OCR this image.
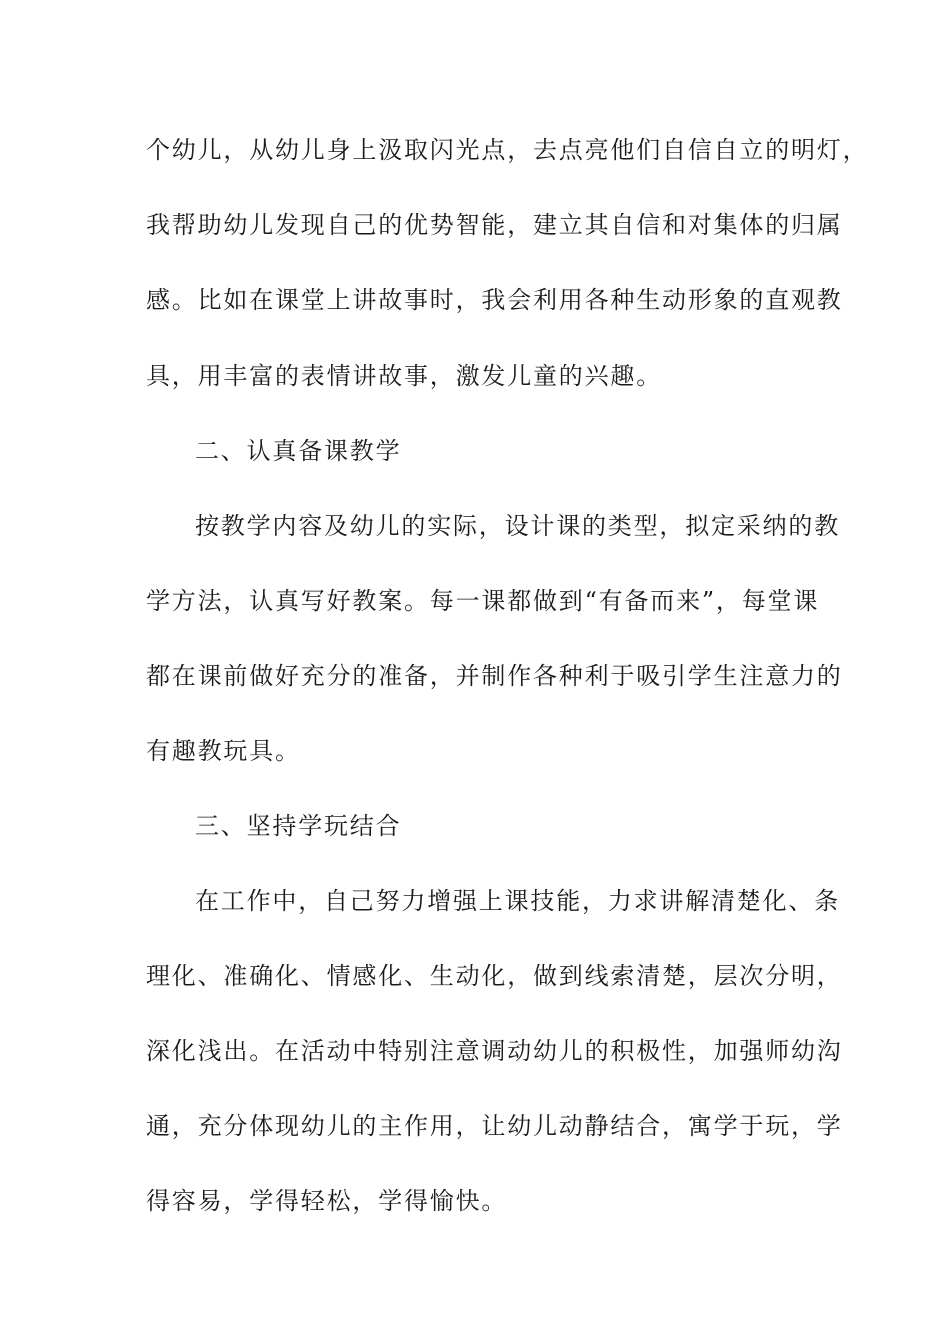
个幼儿，从幼儿身上汲取闪光点，去点亮他们自信自立的明灯，
我帮助幼儿发现自己的优势智能，建立其自信和对集体的归属
感。比如在课堂上讲故事时，我会利用各种生动形象的直观教
具，用丰富的表情讲故事，激发儿童的兴趣。
二、认真备课教学
按教学内容及幼儿的实际，设计课的类型，拟定采纳的教
学方法，认真写好教案。每一课都做到“有备而来”，每堂课
都在课前做好充分的准备，并制作各种利于吸引学生注意力的
有趣教玩具。
三、坚持学玩结合
在工作中，自己努力增强上课技能，力求讲解清楚化、条
理化、准确化、情感化、生动化，做到线索清楚，层次分明，
深化浅出。在活动中特别注意调动幼儿的积极性，加强师幼沟
通，充分体现幼儿的主作用，让幼儿动静结合，寓学于玩，学
得容易，学得轻松，学得愉快。
